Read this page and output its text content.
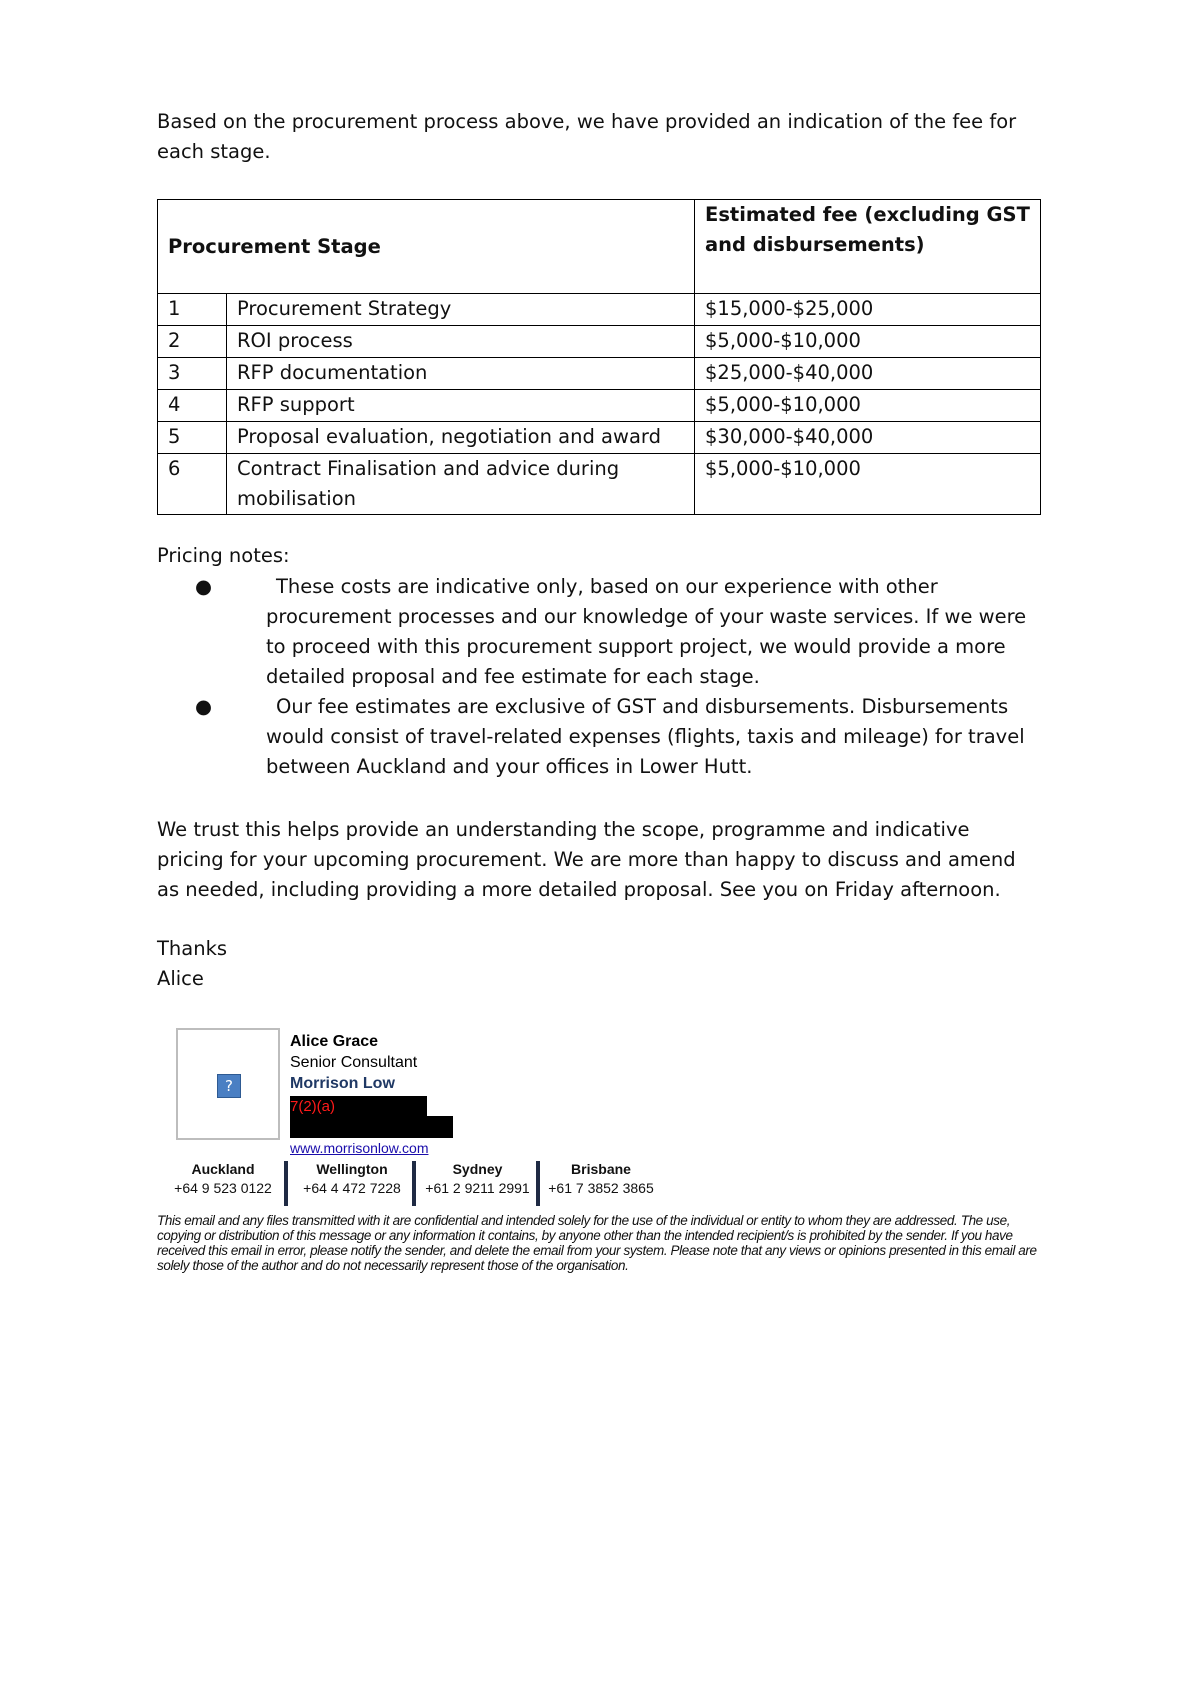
Based on the procurement process above, we have provided an indication of the fee for each stage.

Procurement Stage		Estimated fee (excluding GST and disbursements)
1	Procurement Strategy	$15,000-$25,000
2	ROI process	$5,000-$10,000
3	RFP documentation	$25,000-$40,000
4	RFP support	$5,000-$10,000
5	Proposal evaluation, negotiation and award	$30,000-$40,000
6	Contract Finalisation and advice during mobilisation	$5,000-$10,000

Pricing notes:

●	These costs are indicative only, based on our experience with other procurement processes and our knowledge of your waste services. If we were to proceed with this procurement support project, we would provide a more detailed proposal and fee estimate for each stage.
●	Our fee estimates are exclusive of GST and disbursements. Disbursements would consist of travel-related expenses (flights, taxis and mileage) for travel between Auckland and your offices in Lower Hutt.

We trust this helps provide an understanding the scope, programme and indicative pricing for your upcoming procurement. We are more than happy to discuss and amend as needed, including providing a more detailed proposal. See you on Friday afternoon.

Thanks

Alice

?
Alice Grace
Senior Consultant
Morrison Low
7(2)(a)
www.morrisonlow.com
Auckland
+64 9 523 0122
Wellington
+64 4 472 7228
Sydney
+61 2 9211 2991
Brisbane
+61 7 3852 3865

This email and any files transmitted with it are confidential and intended solely for the use of the individual or entity to whom they are addressed. The use, copying or distribution of this message or any information it contains, by anyone other than the intended recipient/s is prohibited by the sender. If you have received this email in error, please notify the sender, and delete the email from your system. Please note that any views or opinions presented in this email are solely those of the author and do not necessarily represent those of the organisation.
